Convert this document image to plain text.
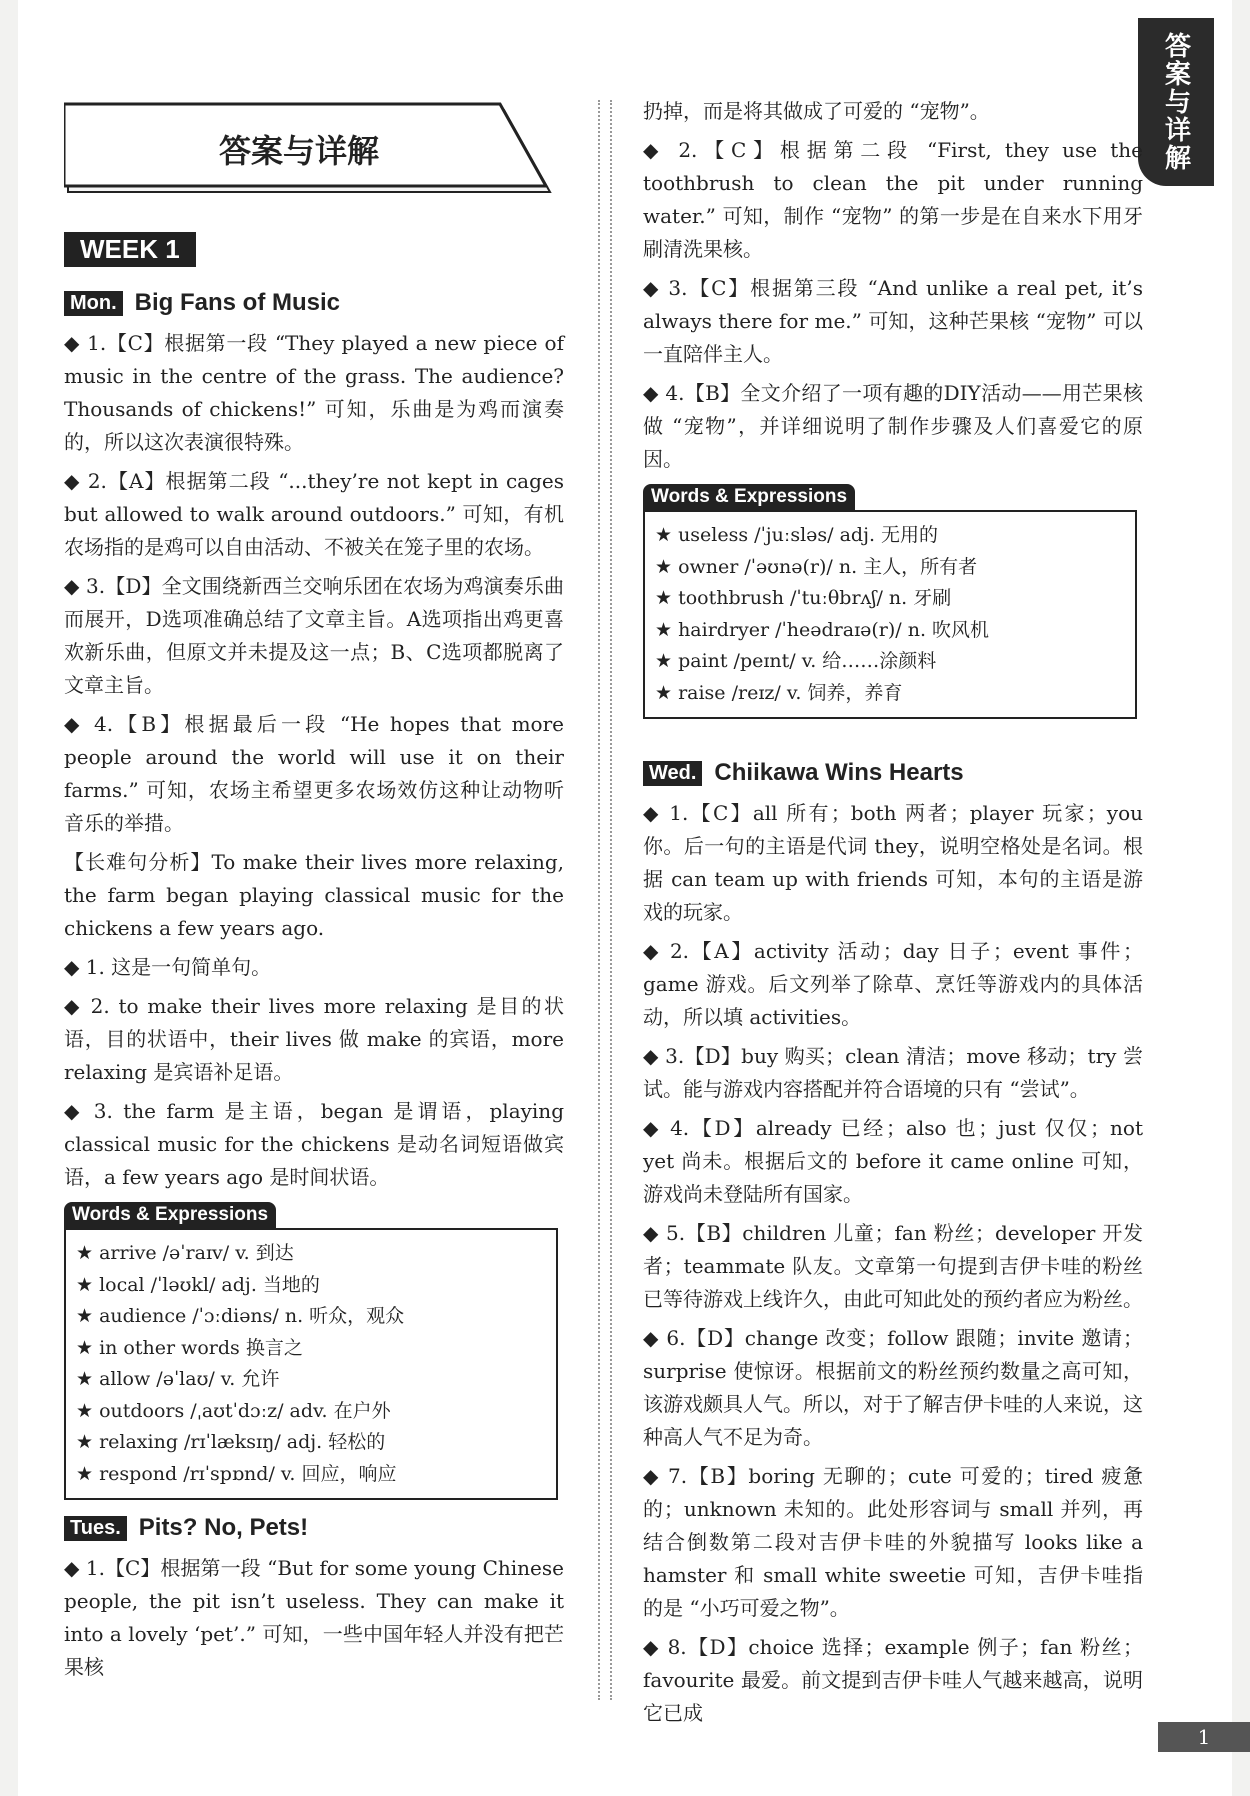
答案与详解
答案与详解
WEEK 1
Mon. Big Fans of Music

◆ 1.【C】根据第一段 “They played a new piece of music in the centre of the grass. The audience? Thousands of chickens!” 可知，乐曲是为鸡而演奏的，所以这次表演很特殊。

◆ 2.【A】根据第二段 “...they’re not kept in cages but allowed to walk around outdoors.” 可知，有机农场指的是鸡可以自由活动、不被关在笼子里的农场。

◆ 3.【D】全文围绕新西兰交响乐团在农场为鸡演奏乐曲而展开，D选项准确总结了文章主旨。A选项指出鸡更喜欢新乐曲，但原文并未提及这一点；B、C选项都脱离了文章主旨。

◆ 4.【B】根据最后一段 “He hopes that more people around the world will use it on their farms.” 可知，农场主希望更多农场效仿这种让动物听音乐的举措。

【长难句分析】To make their lives more relaxing, the farm began playing classical music for the chickens a few years ago.

◆ 1. 这是一句简单句。

◆ 2. to make their lives more relaxing 是目的状语，目的状语中，their lives 做 make 的宾语，more relaxing 是宾语补足语。

◆ 3. the farm 是主语，began 是谓语，playing classical music for the chickens 是动名词短语做宾语，a few years ago 是时间状语。

Words & Expressions
★ arrive /əˈraɪv/ v. 到达
★ local /ˈləʊkl/ adj. 当地的
★ audience /ˈɔːdiəns/ n. 听众，观众
★ in other words 换言之
★ allow /əˈlaʊ/ v. 允许
★ outdoors /ˌaʊtˈdɔːz/ adv. 在户外
★ relaxing /rɪˈlæksɪŋ/ adj. 轻松的
★ respond /rɪˈspɒnd/ v. 回应，响应
Tues. Pits? No, Pets!

◆ 1.【C】根据第一段 “But for some young Chinese people, the pit isn’t useless. They can make it into a lovely ‘pet’.” 可知，一些中国年轻人并没有把芒果核

扔掉，而是将其做成了可爱的 “宠物”。

◆ 2.【C】根据第二段 “First, they use the toothbrush to clean the pit under running water.” 可知，制作 “宠物” 的第一步是在自来水下用牙刷清洗果核。

◆ 3.【C】根据第三段 “And unlike a real pet, it’s always there for me.” 可知，这种芒果核 “宠物” 可以一直陪伴主人。

◆ 4.【B】全文介绍了一项有趣的DIY活动——用芒果核做 “宠物”，并详细说明了制作步骤及人们喜爱它的原因。

Words & Expressions
★ useless /ˈjuːsləs/ adj. 无用的
★ owner /ˈəʊnə(r)/ n. 主人，所有者
★ toothbrush /ˈtuːθbrʌʃ/ n. 牙刷
★ hairdryer /ˈheədraɪə(r)/ n. 吹风机
★ paint /peɪnt/ v. 给……涂颜料
★ raise /reɪz/ v. 饲养，养育
Wed. Chiikawa Wins Hearts

◆ 1.【C】all 所有；both 两者；player 玩家；you 你。后一句的主语是代词 they，说明空格处是名词。根据 can team up with friends 可知，本句的主语是游戏的玩家。

◆ 2.【A】activity 活动；day 日子；event 事件；game 游戏。后文列举了除草、烹饪等游戏内的具体活动，所以填 activities。

◆ 3.【D】buy 购买；clean 清洁；move 移动；try 尝试。能与游戏内容搭配并符合语境的只有 “尝试”。

◆ 4.【D】already 已经；also 也；just 仅仅；not yet 尚未。根据后文的 before it came online 可知，游戏尚未登陆所有国家。

◆ 5.【B】children 儿童；fan 粉丝；developer 开发者；teammate 队友。文章第一句提到吉伊卡哇的粉丝已等待游戏上线许久，由此可知此处的预约者应为粉丝。

◆ 6.【D】change 改变；follow 跟随；invite 邀请；surprise 使惊讶。根据前文的粉丝预约数量之高可知，该游戏颇具人气。所以，对于了解吉伊卡哇的人来说，这种高人气不足为奇。

◆ 7.【B】boring 无聊的；cute 可爱的；tired 疲惫的；unknown 未知的。此处形容词与 small 并列，再结合倒数第二段对吉伊卡哇的外貌描写 looks like a hamster 和 small white sweetie 可知，吉伊卡哇指的是 “小巧可爱之物”。

◆ 8.【D】choice 选择；example 例子；fan 粉丝；favourite 最爱。前文提到吉伊卡哇人气越来越高，说明它已成

1
